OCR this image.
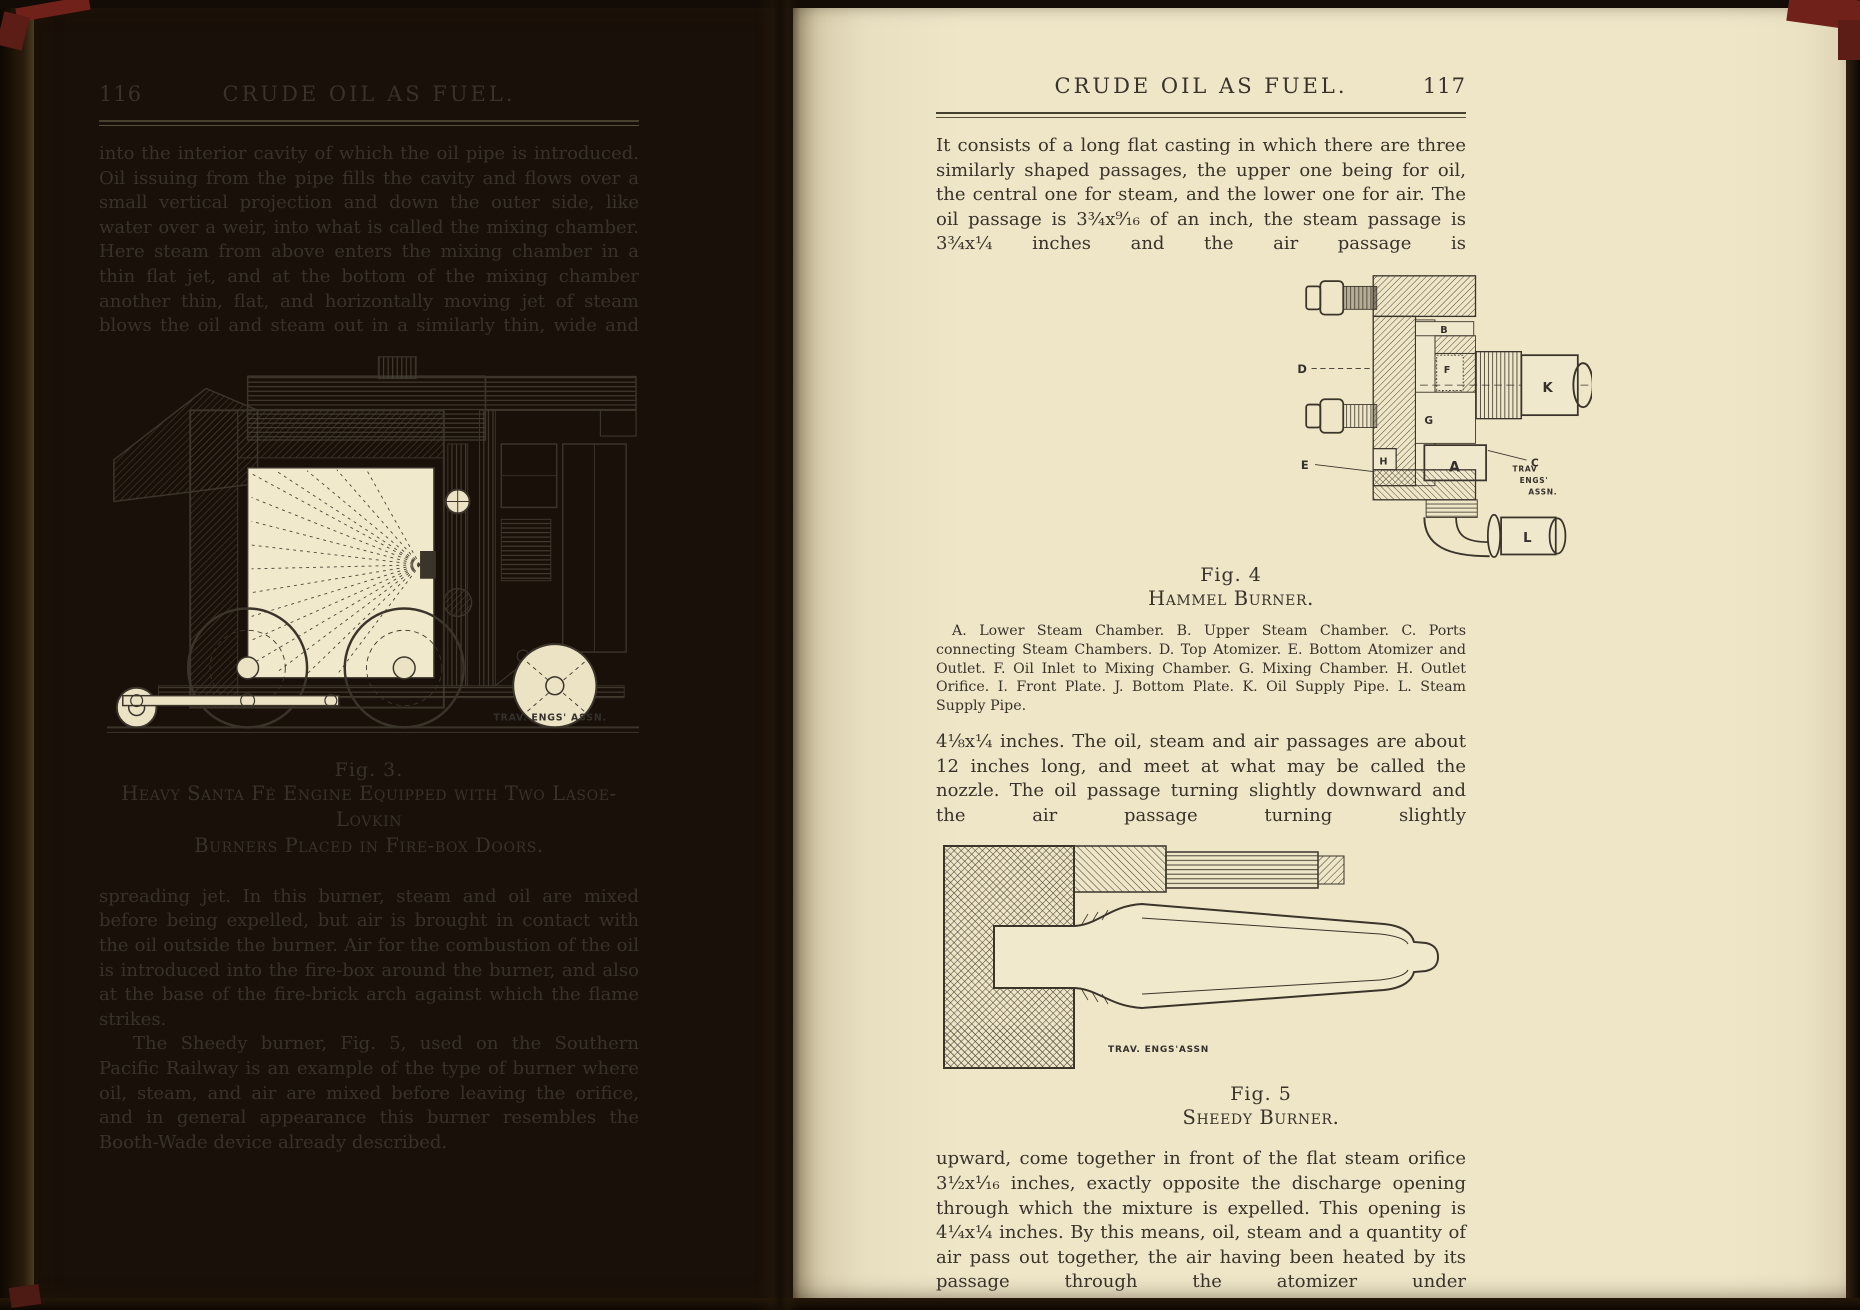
116	CRUDE OIL AS FUEL.

into the interior cavity of which the oil pipe is introduced. Oil issuing from the pipe fills the cavity and flows over a small vertical projection and down the outer side, like water over a weir, into what is called the mixing chamber. Here steam from above enters the mixing chamber in a thin flat jet, and at the bottom of the mixing chamber another thin, flat, and horizontally moving jet of steam blows the oil and steam out in a similarly thin, wide and

TRAV. ENGS' ASSN.
Fig. 3.
Heavy Santa Fé Engine Equipped with Two Lasoe-Lovkin
Burners Placed in Fire-box Doors.

spreading jet. In this burner, steam and oil are mixed before being expelled, but air is brought in contact with the oil outside the burner. Air for the combustion of the oil is introduced into the fire-box around the burner, and also at the base of the fire-brick arch against which the flame strikes.

The Sheedy burner, Fig. 5, used on the Southern Pacific Railway is an example of the type of burner where oil, steam, and air are mixed before leaving the orifice, and in general appearance this burner resembles the Booth-Wade device already described.

CRUDE OIL AS FUEL.	117

It consists of a long flat casting in which there are three similarly shaped passages, the upper one being for oil, the central one for steam, and the lower one for air. The oil passage is 3¾x⁹⁄₁₆ of an inch, the steam passage is 3¾x¼ inches and the air passage is

B
F
G
H	A	C
K
L
D
E	TRAV
ENGS'
ASSN.
Fig. 4
Hammel Burner.

A. Lower Steam Chamber. B. Upper Steam Chamber. C. Ports connecting Steam Chambers. D. Top Atomizer. E. Bottom Atomizer and Outlet. F. Oil Inlet to Mixing Chamber. G. Mixing Chamber. H. Outlet Orifice. I. Front Plate. J. Bottom Plate. K. Oil Supply Pipe. L. Steam Supply Pipe.

4⅛x¼ inches. The oil, steam and air passages are about 12 inches long, and meet at what may be called the nozzle. The oil passage turning slightly downward and the air passage turning slightly

TRAV. ENGS'ASSN
Fig. 5
Sheedy Burner.

upward, come together in front of the flat steam orifice 3½x¹⁄₁₆ inches, exactly opposite the discharge opening through which the mixture is expelled. This opening is 4¼x¼ inches. By this means, oil, steam and a quantity of air pass out together, the air having been heated by its passage through the atomizer under
